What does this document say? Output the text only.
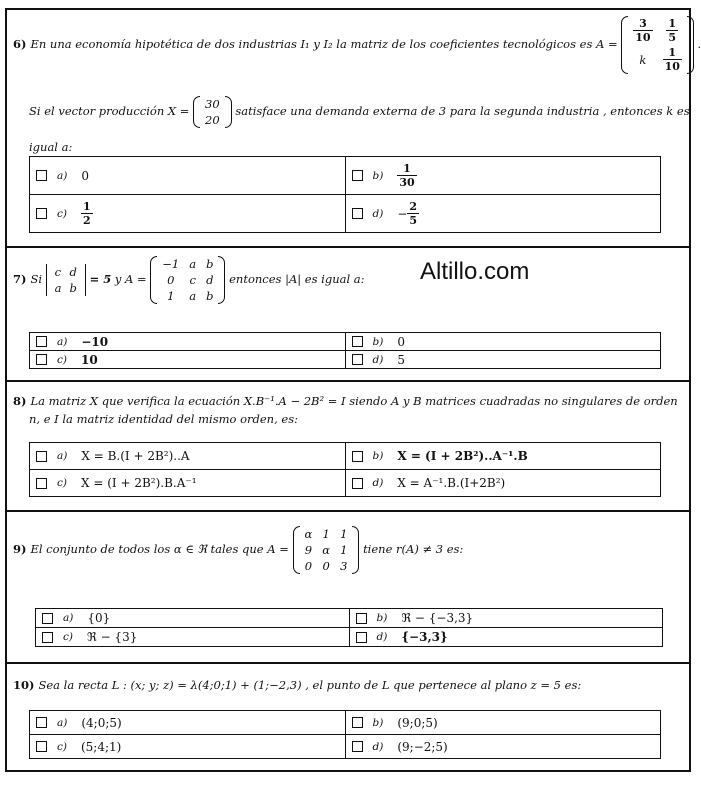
6) En una economía hipotética de dos industrias I₁ y I₂ la matriz de los coeficientes tecnológicos es $A = \frac{3}{10}$	$\frac{1}{5}$

k	$\frac{1}{10}$
.
Si el vector producción X = 30
20
satisface una demanda externa de 3 para la segunda industria , entonces k es
igual a:
a) 0	$b) \frac{1}{30}$

$c) \frac{1}{2}$	$d) - \frac{2}{5}$
7) Si c	d
a	b
= 5 y A =
−1	a	b
0	c	d
1	a	b
entonces |A| es igual a:
a) −10	b) 0

c) 10	d) 5
8) La matriz X que verifica la ecuación X.B⁻¹.A − 2B² = I siendo A y B matrices cuadradas no singulares de orden
n, e I la matriz identidad del mismo orden, es:
a) X = B.(I + 2B²)..A	b) X = (I + 2B²)..A⁻¹.B

c) X = (I + 2B²).B.A⁻¹	d) X = A⁻¹.B.(I+2B²)
9) El conjunto de todos los α ∈ ℜ tales que A =
α	1	1
9	α	1
0	0	3
tiene r(A) ≠ 3 es:
a) {0}	b) ℜ − {−3,3}

c) ℜ − {3}	d) {−3,3}
10) Sea la recta L : (x; y; z) = λ(4;0;1) + (1;−2,3) , el punto de L que pertenece al plano z = 5 es:
a) (4;0;5)	b) (9;0;5)

c) (5;4;1)	d) (9;−2;5)
Altillo.com
